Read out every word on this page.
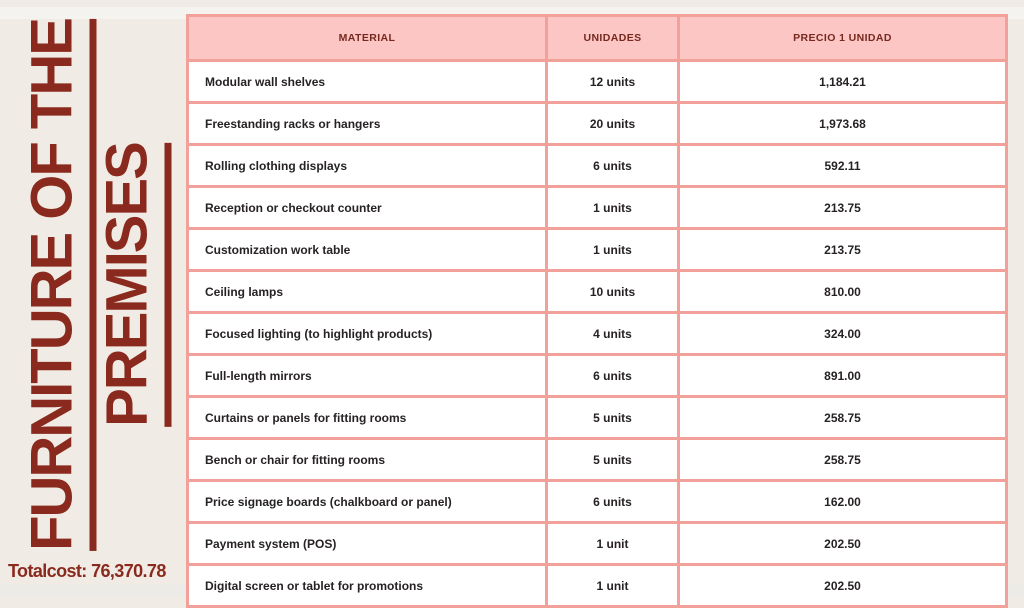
FURNITURE OF THE PREMISES
Totalcost: 76,370.78
MATERIAL	UNIDADES	PRECIO 1 UNIDAD
Modular wall shelves	12 units	1,184.21
Freestanding racks or hangers	20 units	1,973.68
Rolling clothing displays	6 units	592.11
Reception or checkout counter	1 units	213.75
Customization work table	1 units	213.75
Ceiling lamps	10 units	810.00
Focused lighting (to highlight products)	4 units	324.00
Full-length mirrors	6 units	891.00
Curtains or panels for fitting rooms	5 units	258.75
Bench or chair for fitting rooms	5 units	258.75
Price signage boards (chalkboard or panel)	6 units	162.00
Payment system (POS)	1 unit	202.50
Digital screen or tablet for promotions	1 unit	202.50
